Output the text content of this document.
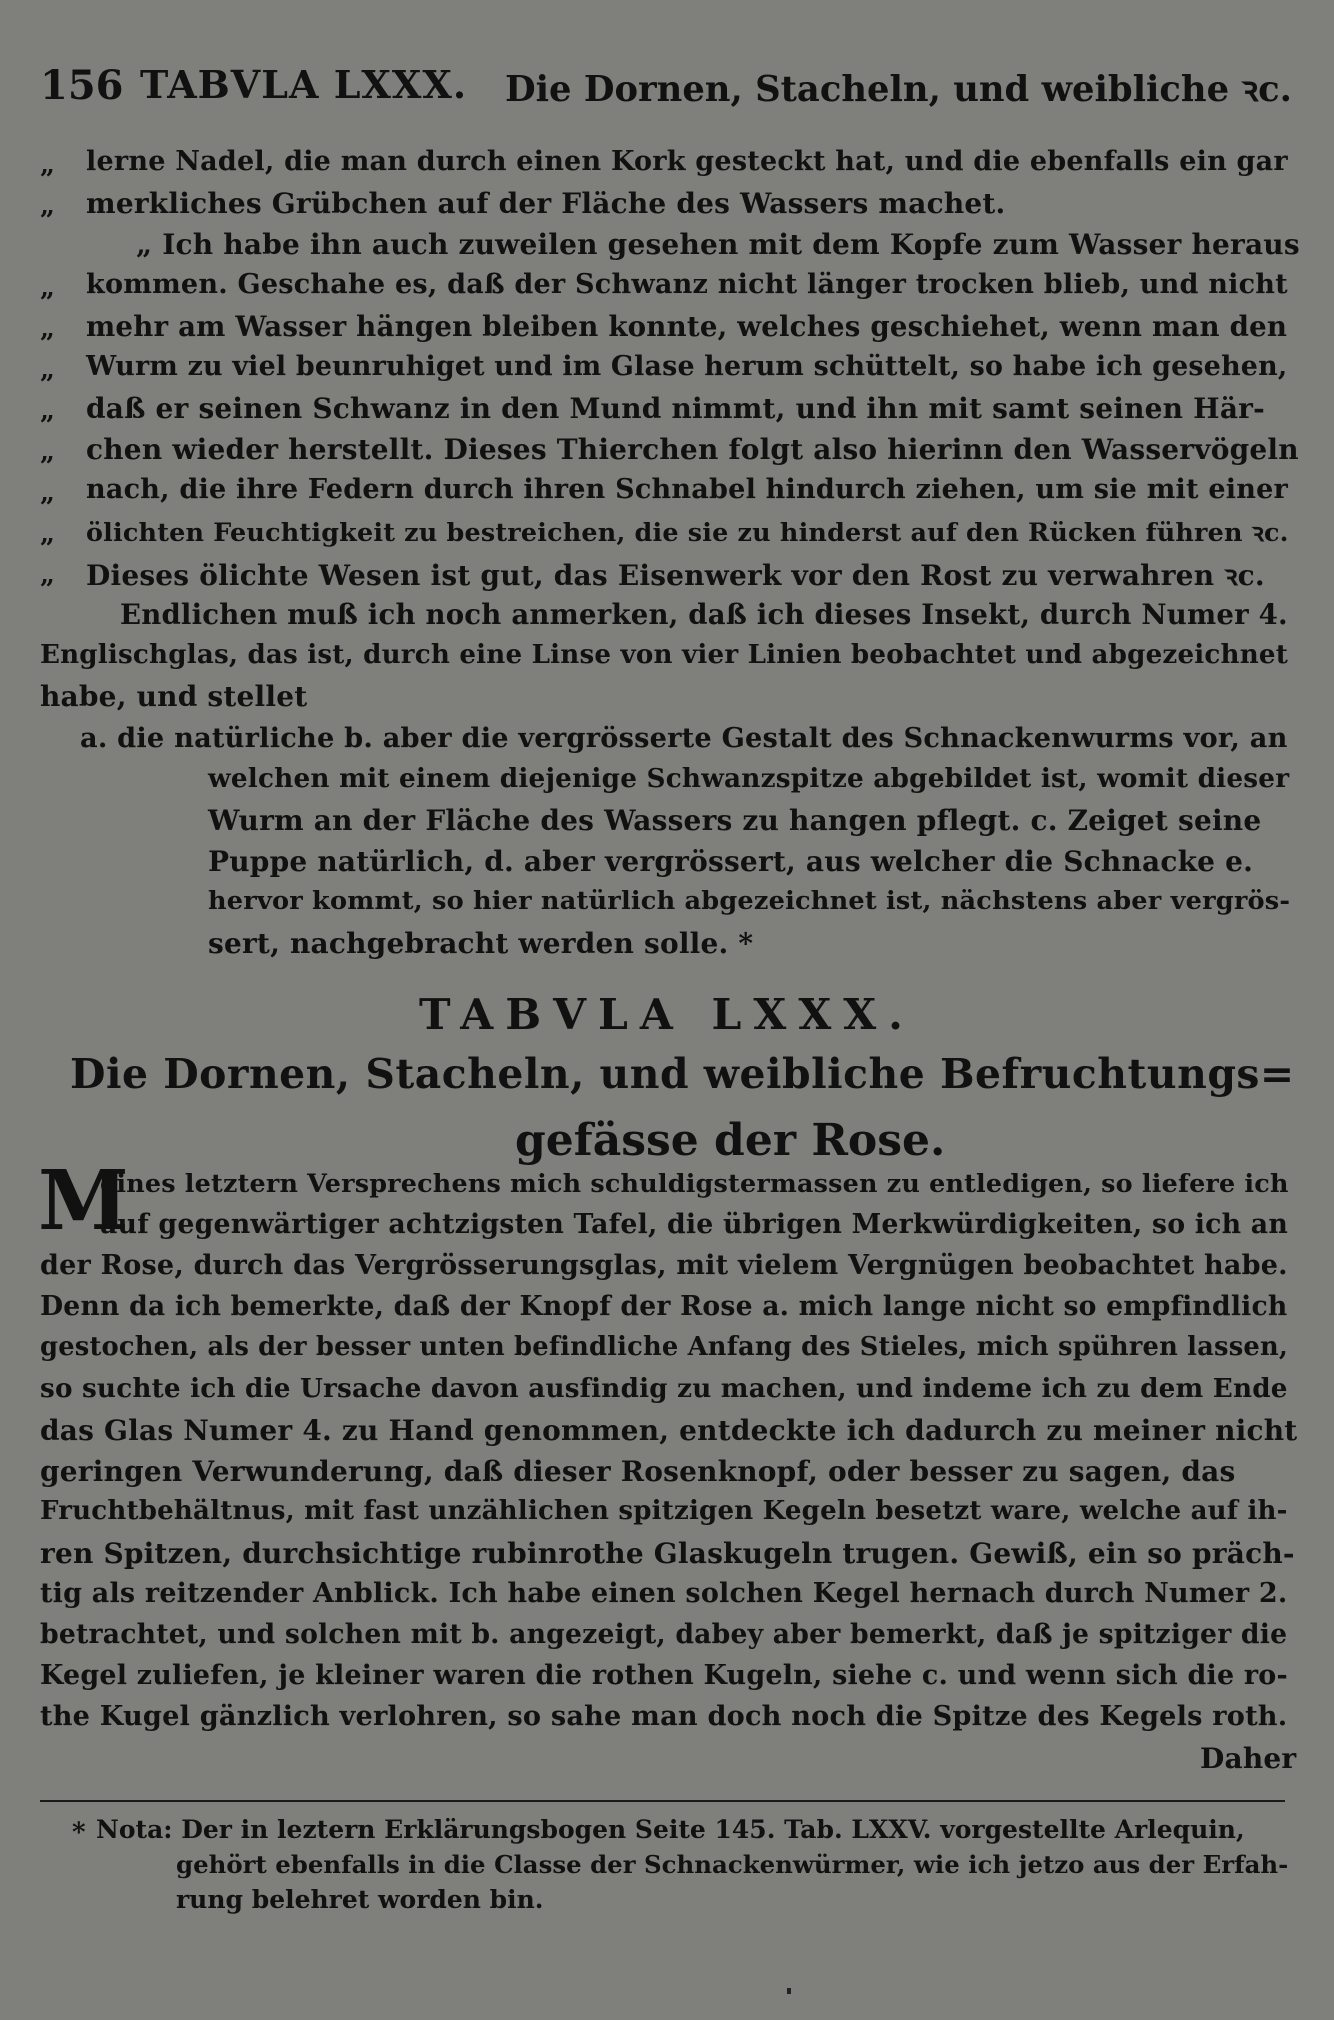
156 TABVLA LXXX. Die Dornen, Stacheln, und weibliche ꝛc.
„ lerne Nadel, die man durch einen Kork gesteckt hat, und die ebenfalls ein gar
„ merkliches Grübchen auf der Fläche des Wassers machet.
„ Ich habe ihn auch zuweilen gesehen mit dem Kopfe zum Wasser heraus
„ kommen. Geschahe es, daß der Schwanz nicht länger trocken blieb, und nicht
„ mehr am Wasser hängen bleiben konnte, welches geschiehet, wenn man den
„ Wurm zu viel beunruhiget und im Glase herum schüttelt, so habe ich gesehen,
„ daß er seinen Schwanz in den Mund nimmt, und ihn mit samt seinen Här-
„ chen wieder herstellt. Dieses Thierchen folgt also hierinn den Wasservögeln
„ nach, die ihre Federn durch ihren Schnabel hindurch ziehen, um sie mit einer
„ ölichten Feuchtigkeit zu bestreichen, die sie zu hinderst auf den Rücken führen ꝛc.
„ Dieses ölichte Wesen ist gut, das Eisenwerk vor den Rost zu verwahren ꝛc.
Endlichen muß ich noch anmerken, daß ich dieses Insekt, durch Numer 4.
Englischglas, das ist, durch eine Linse von vier Linien beobachtet und abgezeichnet
habe, und stellet
a. die natürliche b. aber die vergrösserte Gestalt des Schnackenwurms vor, an
welchen mit einem diejenige Schwanzspitze abgebildet ist, womit dieser
Wurm an der Fläche des Wassers zu hangen pflegt. c. Zeiget seine
Puppe natürlich, d. aber vergrössert, aus welcher die Schnacke e.
hervor kommt, so hier natürlich abgezeichnet ist, nächstens aber vergrös-
sert, nachgebracht werden solle. *
TABVLA LXXX.
Die Dornen, Stacheln, und weibliche Befruchtungs=
gefässe der Rose.
M
eines letztern Versprechens mich schuldigstermassen zu entledigen, so liefere ich
auf gegenwärtiger achtzigsten Tafel, die übrigen Merkwürdigkeiten, so ich an
der Rose, durch das Vergrösserungsglas, mit vielem Vergnügen beobachtet habe.
Denn da ich bemerkte, daß der Knopf der Rose a. mich lange nicht so empfindlich
gestochen, als der besser unten befindliche Anfang des Stieles, mich spühren lassen,
so suchte ich die Ursache davon ausfindig zu machen, und indeme ich zu dem Ende
das Glas Numer 4. zu Hand genommen, entdeckte ich dadurch zu meiner nicht
geringen Verwunderung, daß dieser Rosenknopf, oder besser zu sagen, das
Fruchtbehältnus, mit fast unzählichen spitzigen Kegeln besetzt ware, welche auf ih-
ren Spitzen, durchsichtige rubinrothe Glaskugeln trugen. Gewiß, ein so präch-
tig als reitzender Anblick. Ich habe einen solchen Kegel hernach durch Numer 2.
betrachtet, und solchen mit b. angezeigt, dabey aber bemerkt, daß je spitziger die
Kegel zuliefen, je kleiner waren die rothen Kugeln, siehe c. und wenn sich die ro-
the Kugel gänzlich verlohren, so sahe man doch noch die Spitze des Kegels roth.
Daher
* Nota: Der in leztern Erklärungsbogen Seite 145. Tab. LXXV. vorgestellte Arlequin,
gehört ebenfalls in die Classe der Schnackenwürmer, wie ich jetzo aus der Erfah-
rung belehret worden bin.
